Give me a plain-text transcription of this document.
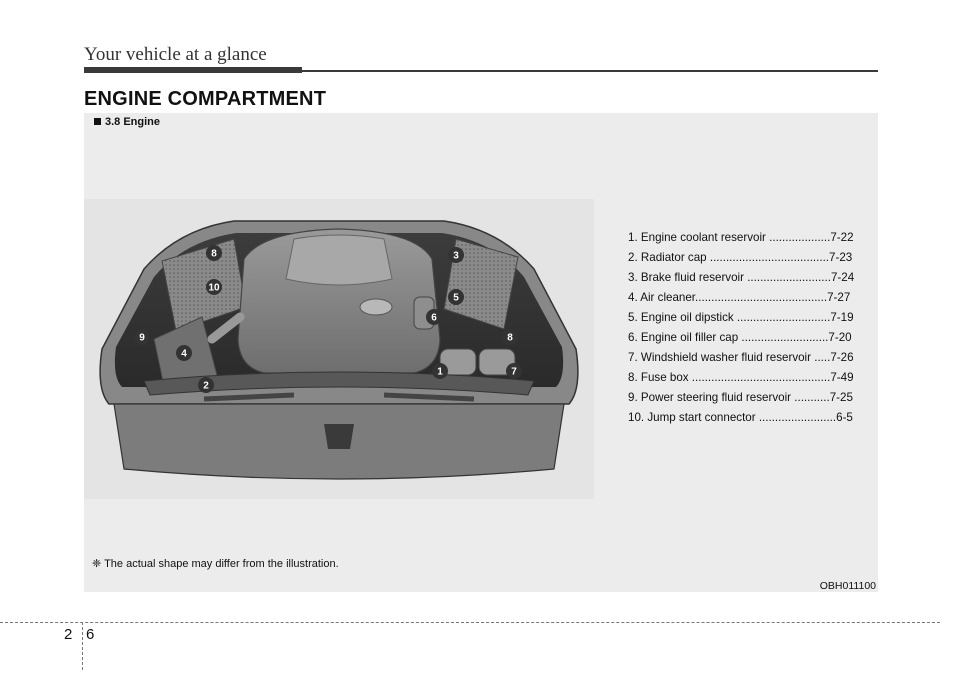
Your vehicle at a glance
ENGINE COMPARTMENT
3.8 Engine
1
2
3
4
5
6
7
8
8
9
10
1. Engine coolant reservoir ...................7-22
2. Radiator cap .....................................7-23
3. Brake fluid reservoir ..........................7-24
4. Air cleaner.........................................7-27
5. Engine oil dipstick .............................7-19
6. Engine oil filler cap ...........................7-20
7. Windshield washer fluid reservoir .....7-26
8. Fuse box ...........................................7-49
9. Power steering fluid reservoir ...........7-25
10. Jump start connector ........................6-5
❈ The actual shape may differ from the illustration.
OBH011100
2 6
